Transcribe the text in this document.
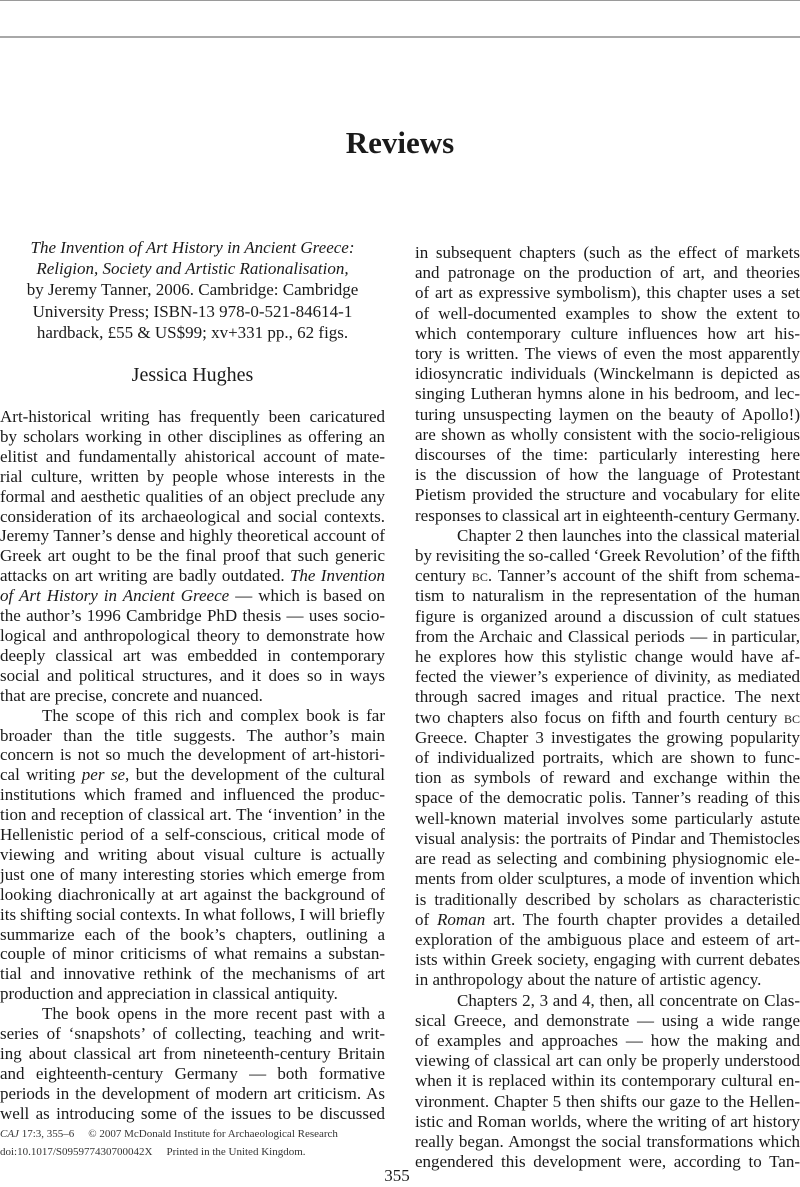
Reviews
The Invention of Art History in Ancient Greece:
Religion, Society and Artistic Rationalisation,
by Jeremy Tanner, 2006. Cambridge: Cambridge
University Press; ISBN-13 978-0-521-84614-1
hardback, £55 & US$99; xv+331 pp., 62 figs.
Jessica Hughes
Art-historical writing has frequently been caricatured
by scholars working in other disciplines as offering an
elitist and fundamentally ahistorical account of mate-
rial culture, written by people whose interests in the
formal and aesthetic qualities of an object preclude any
consideration of its archaeological and social contexts.
Jeremy Tanner’s dense and highly theoretical account of
Greek art ought to be the final proof that such generic
attacks on art writing are badly outdated. The Invention
of Art History in Ancient Greece — which is based on
the author’s 1996 Cambridge PhD thesis — uses socio-
logical and anthropological theory to demonstrate how
deeply classical art was embedded in contemporary
social and political structures, and it does so in ways
that are precise, concrete and nuanced.
The scope of this rich and complex book is far
broader than the title suggests. The author’s main
concern is not so much the development of art-histori-
cal writing per se, but the development of the cultural
institutions which framed and influenced the produc-
tion and reception of classical art. The ‘invention’ in the
Hellenistic period of a self-conscious, critical mode of
viewing and writing about visual culture is actually
just one of many interesting stories which emerge from
looking diachronically at art against the background of
its shifting social contexts. In what follows, I will briefly
summarize each of the book’s chapters, outlining a
couple of minor criticisms of what remains a substan-
tial and innovative rethink of the mechanisms of art
production and appreciation in classical antiquity.
The book opens in the more recent past with a
series of ‘snapshots’ of collecting, teaching and writ-
ing about classical art from nineteenth-century Britain
and eighteenth-century Germany — both formative
periods in the development of modern art criticism. As
well as introducing some of the issues to be discussed
in subsequent chapters (such as the effect of markets
and patronage on the production of art, and theories
of art as expressive symbolism), this chapter uses a set
of well-documented examples to show the extent to
which contemporary culture influences how art his-
tory is written. The views of even the most apparently
idiosyncratic individuals (Winckelmann is depicted as
singing Lutheran hymns alone in his bedroom, and lec-
turing unsuspecting laymen on the beauty of Apollo!)
are shown as wholly consistent with the socio-religious
discourses of the time: particularly interesting here
is the discussion of how the language of Protestant
Pietism provided the structure and vocabulary for elite
responses to classical art in eighteenth-century Germany.
Chapter 2 then launches into the classical material
by revisiting the so-called ‘Greek Revolution’ of the fifth
century bc. Tanner’s account of the shift from schema-
tism to naturalism in the representation of the human
figure is organized around a discussion of cult statues
from the Archaic and Classical periods — in particular,
he explores how this stylistic change would have af-
fected the viewer’s experience of divinity, as mediated
through sacred images and ritual practice. The next
two chapters also focus on fifth and fourth century bc
Greece. Chapter 3 investigates the growing popularity
of individualized portraits, which are shown to func-
tion as symbols of reward and exchange within the
space of the democratic polis. Tanner’s reading of this
well-known material involves some particularly astute
visual analysis: the portraits of Pindar and Themistocles
are read as selecting and combining physiognomic ele-
ments from older sculptures, a mode of invention which
is traditionally described by scholars as characteristic
of Roman art. The fourth chapter provides a detailed
exploration of the ambiguous place and esteem of art-
ists within Greek society, engaging with current debates
in anthropology about the nature of artistic agency.
Chapters 2, 3 and 4, then, all concentrate on Clas-
sical Greece, and demonstrate — using a wide range
of examples and approaches — how the making and
viewing of classical art can only be properly understood
when it is replaced within its contemporary cultural en-
vironment. Chapter 5 then shifts our gaze to the Hellen-
istic and Roman worlds, where the writing of art history
really began. Amongst the social transformations which
engendered this development were, according to Tan-
CAJ 17:3, 355–6 © 2007 McDonald Institute for Archaeological Research
doi:10.1017/S095977430700042X Printed in the United Kingdom.
355
